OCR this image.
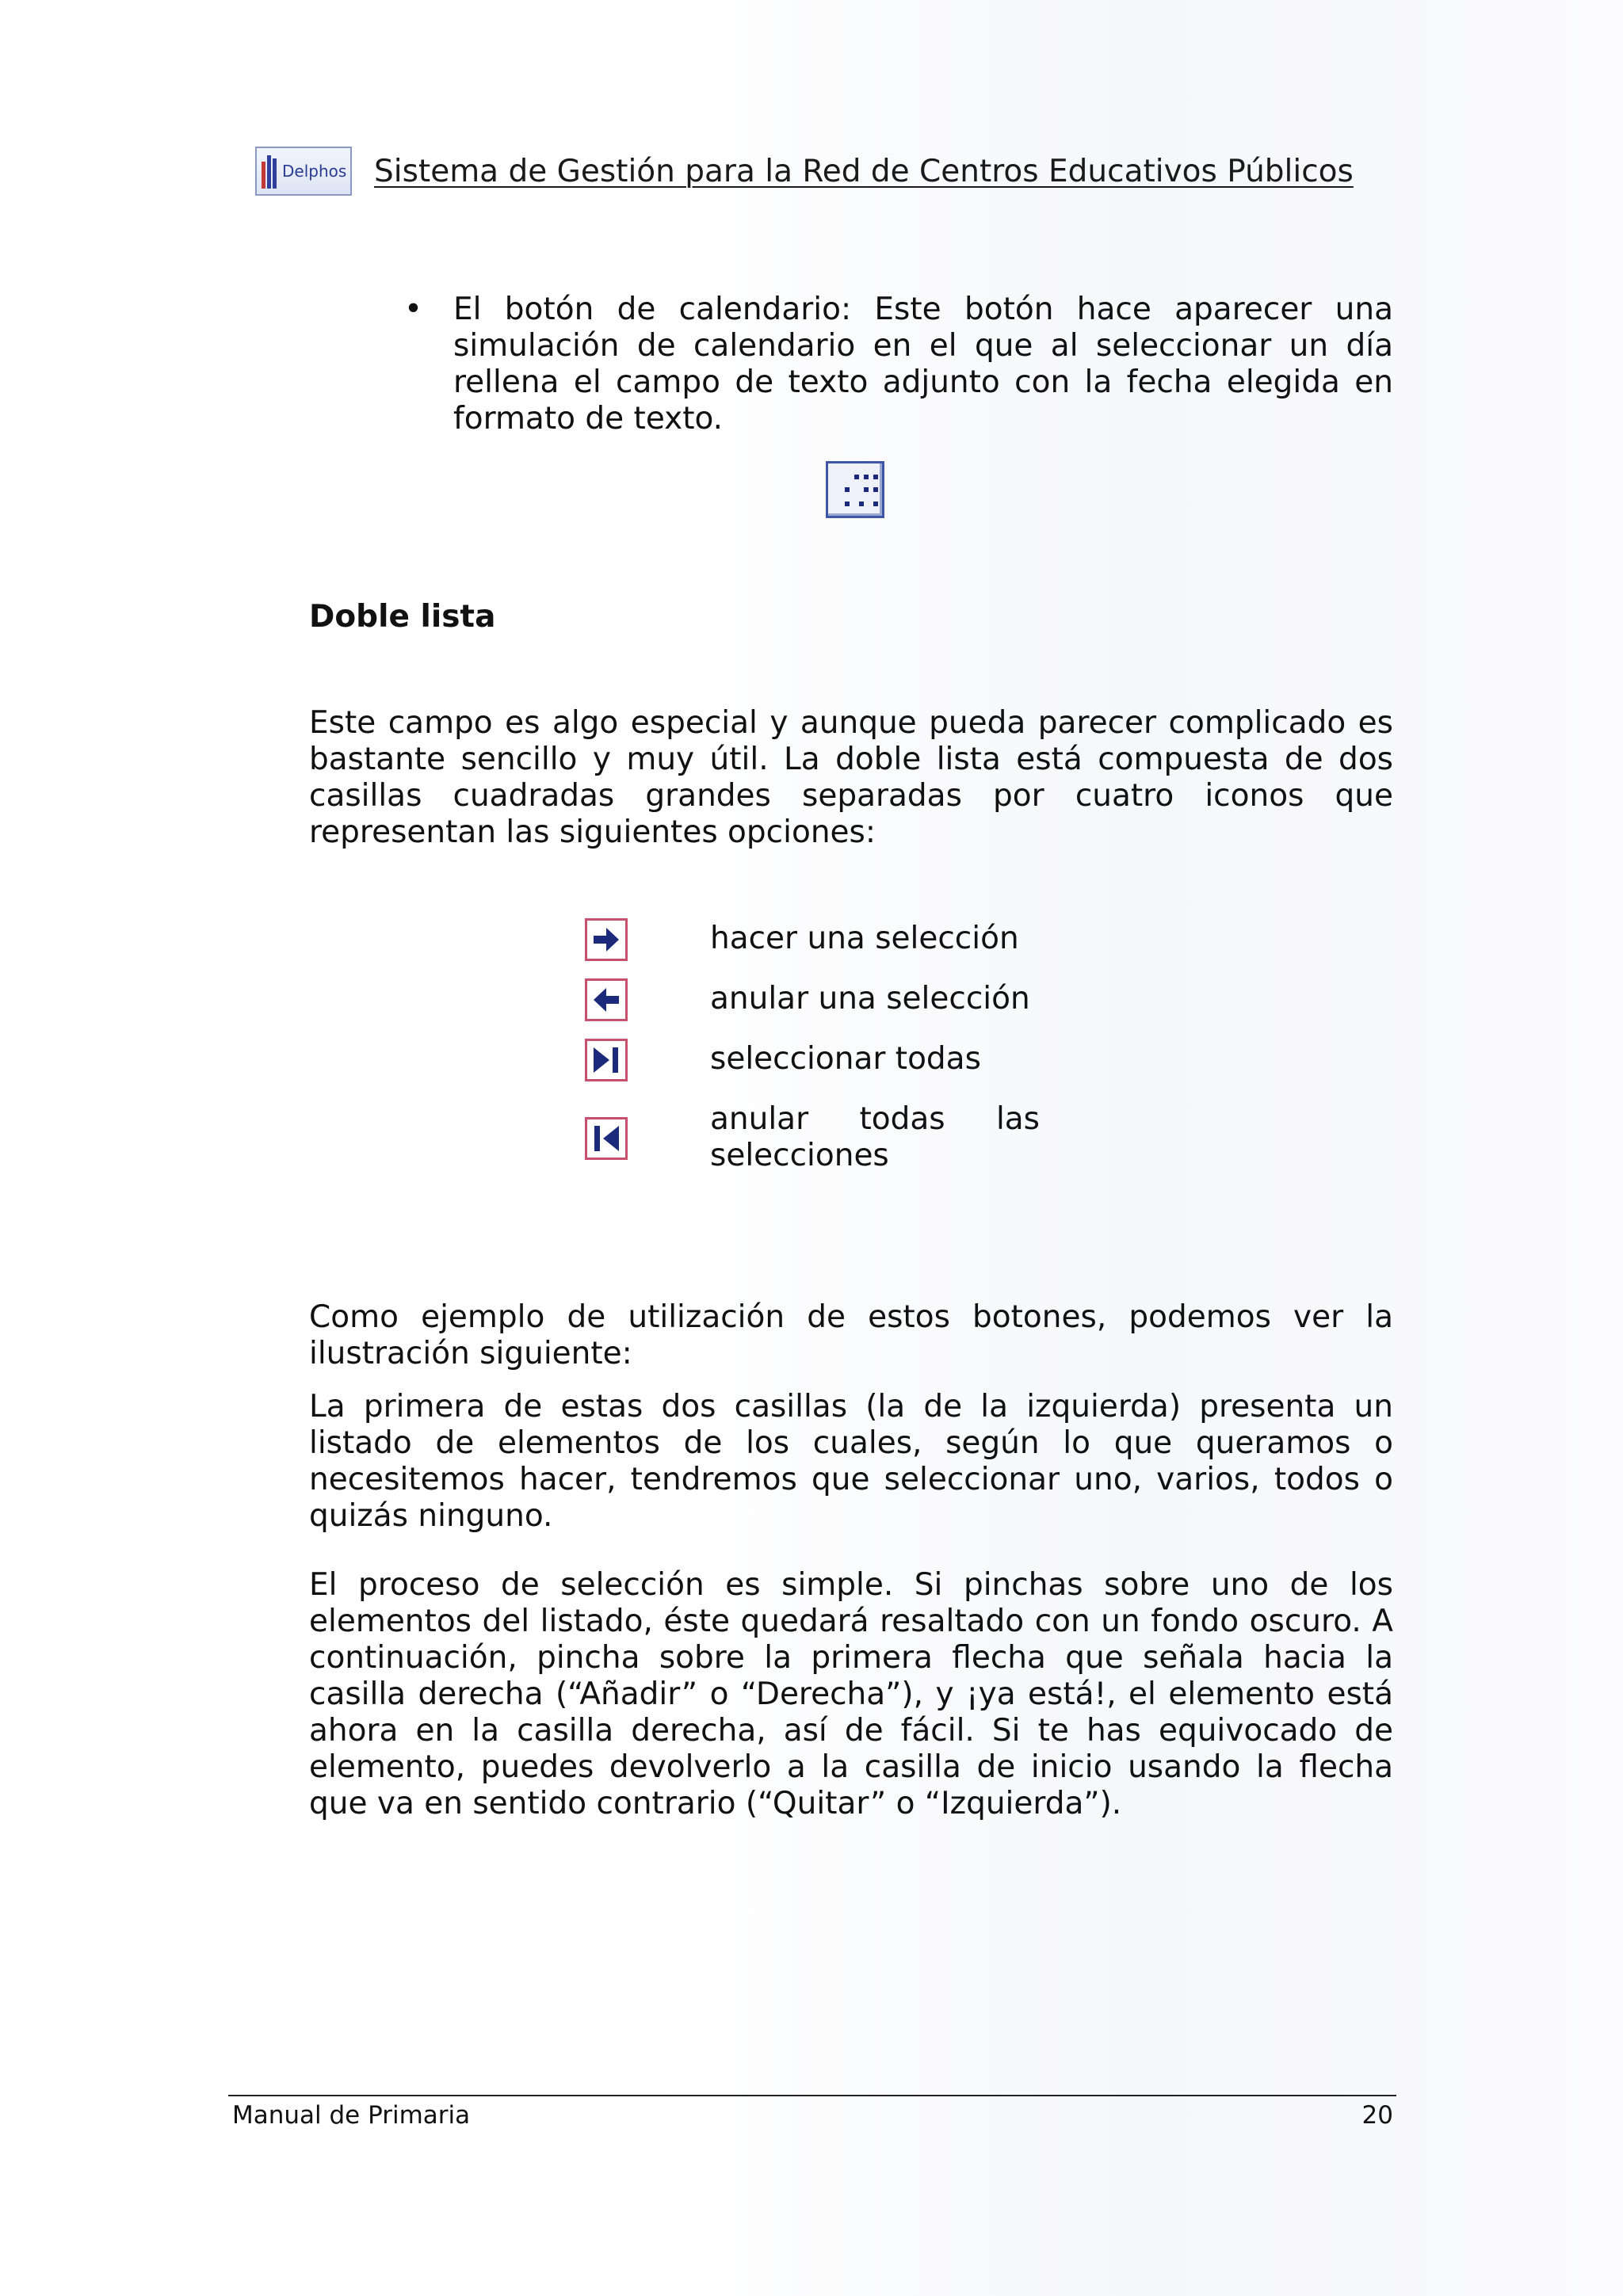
Delphos Sistema de Gestión para la Red de Centros Educativos Públicos
• El botón de calendario: Este botón hace aparecer una simulación de calendario en el que al seleccionar un día rellena el campo de texto adjunto con la fecha elegida en formato de texto.
Doble lista
Este campo es algo especial y aunque pueda parecer complicado es bastante sencillo y muy útil. La doble lista está compuesta de dos casillas cuadradas grandes separadas por cuatro iconos que representan las siguientes opciones:
hacer una selección
anular una selección
seleccionar todas
anular todas las selecciones
Como ejemplo de utilización de estos botones, podemos ver la ilustración siguiente:
La primera de estas dos casillas (la de la izquierda) presenta un listado de elementos de los cuales, según lo que queramos o necesitemos hacer, tendremos que seleccionar uno, varios, todos o quizás ninguno.
El proceso de selección es simple. Si pinchas sobre uno de los elementos del listado, éste quedará resaltado con un fondo oscuro. A continuación, pincha sobre la primera flecha que señala hacia la casilla derecha (“Añadir” o “Derecha”), y ¡ya está!, el elemento está ahora en la casilla derecha, así de fácil. Si te has equivocado de elemento, puedes devolverlo a la casilla de inicio usando la flecha que va en sentido contrario (“Quitar” o “Izquierda”).
Manual de Primaria	20
